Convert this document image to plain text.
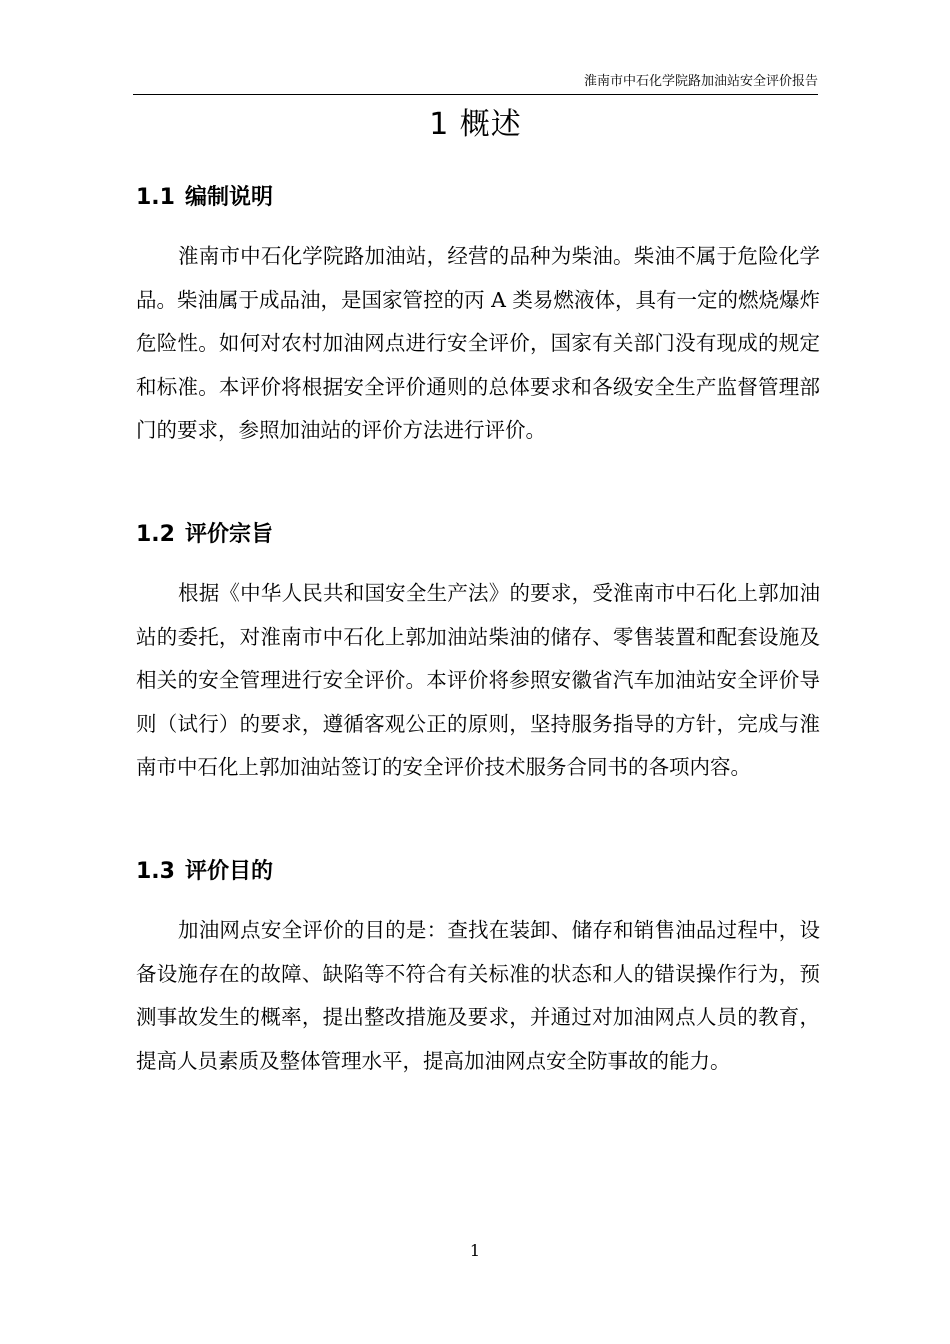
淮南市中石化学院路加油站安全评价报告
1 概述
1.1 编制说明

淮南市中石化学院路加油站，经营的品种为柴油。柴油不属于危险化学品。柴油属于成品油，是国家管控的丙 A 类易燃液体，具有一定的燃烧爆炸危险性。如何对农村加油网点进行安全评价，国家有关部门没有现成的规定和标准。本评价将根据安全评价通则的总体要求和各级安全生产监督管理部门的要求，参照加油站的评价方法进行评价。

1.2 评价宗旨

根据《中华人民共和国安全生产法》的要求，受淮南市中石化上郭加油站的委托，对淮南市中石化上郭加油站柴油的储存、零售装置和配套设施及相关的安全管理进行安全评价。本评价将参照安徽省汽车加油站安全评价导则（试行）的要求，遵循客观公正的原则，坚持服务指导的方针，完成与淮南市中石化上郭加油站签订的安全评价技术服务合同书的各项内容。

1.3 评价目的

加油网点安全评价的目的是：查找在装卸、储存和销售油品过程中，设备设施存在的故障、缺陷等不符合有关标准的状态和人的错误操作行为，预测事故发生的概率，提出整改措施及要求，并通过对加油网点人员的教育，提高人员素质及整体管理水平，提高加油网点安全防事故的能力。

1
